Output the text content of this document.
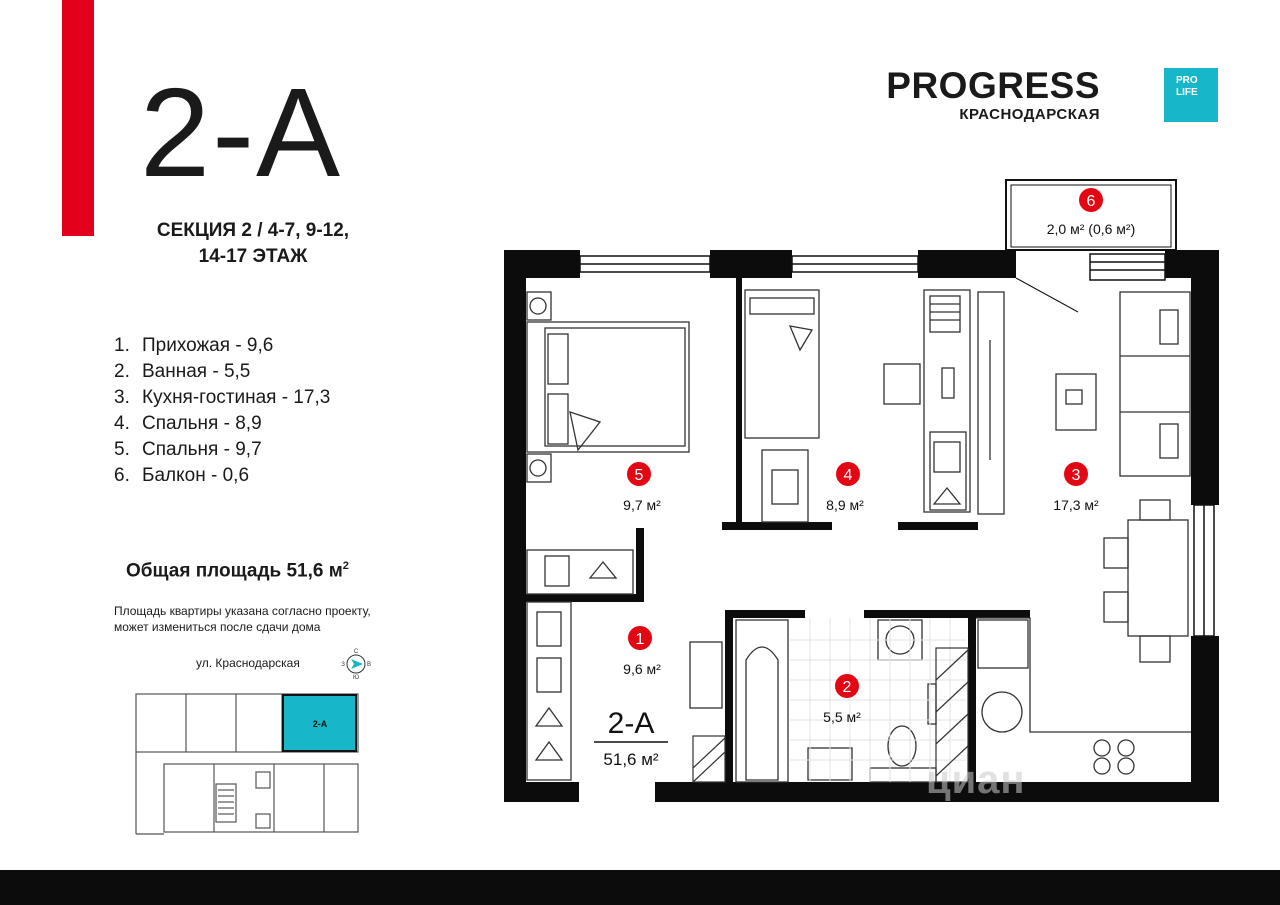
2-А
СЕКЦИЯ 2 / 4-7, 9-12,
14-17 ЭТАЖ
1. Прихожая - 9,6
2. Ванная - 5,5
3. Кухня-гостиная - 17,3
4. Спальня - 8,9
5. Спальня - 9,7
6. Балкон - 0,6
Общая площадь 51,6 $м^2$
Площадь квартиры указана согласно проекту, может измениться после сдачи дома
ул. Краснодарская
С
Ю
В
З
2-А
PROGRESS
КРАСНОДАРСКАЯ
PRO
LIFE
6
2,0 м² (0,6 м²)
5
9,7 м²
4
8,9 м²
3
17,3 м²
1
9,6 м²
2
5,5 м²
2-А
51,6 м²	циан
